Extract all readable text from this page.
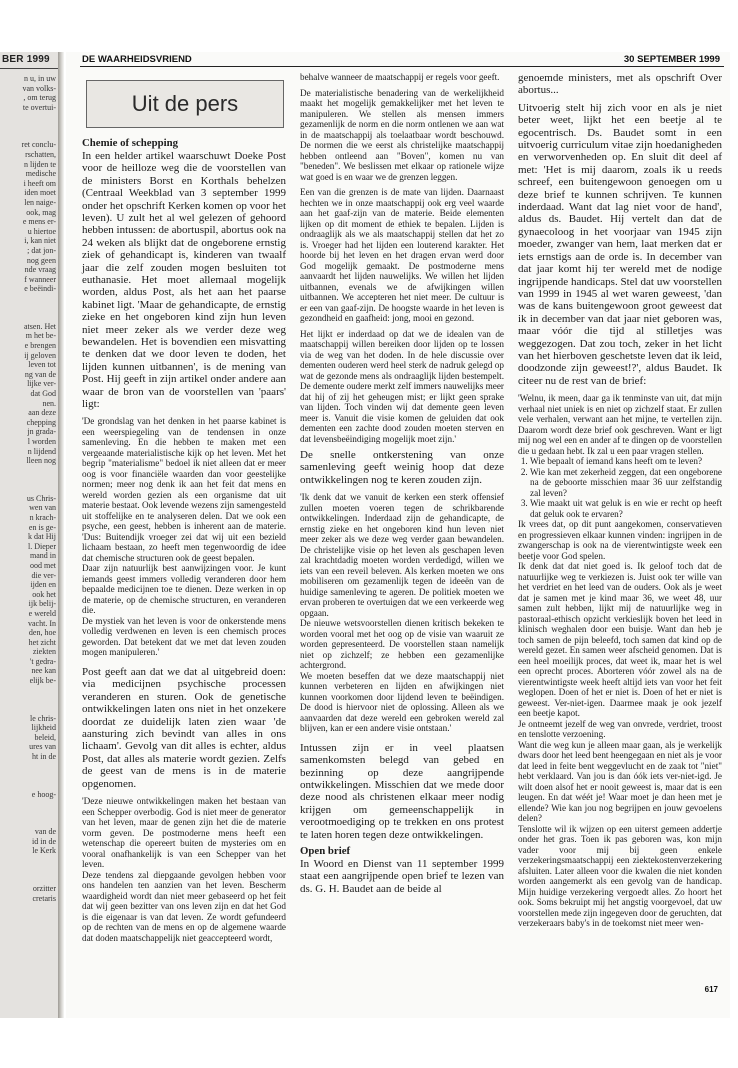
BER 1999
n u, in uw
van volks-
, om terug
te overtui-
ret conclu-
rschatten,
n lijden te
medische
i heeft om
iden moet
len naige-
ook, mag
e mens er-
u hiertoe
i, kan niet
; dat jon-
nog geen
nde vraag
f wanneer
e beëindi-
atsen. Het
m het be-
e brengen
ij geloven
leven tot
ng van de
lijke ver-
dat God
nen.
aan deze
chepping
jn grada-
l worden
n lijdend
lleen nog
us Chris-
wen van
n krach-
en is ge-
k dat Hij
l. Dieper
mand in
ood met
die ver-
ijden en
ook het
ijk belij-
e wereld
vacht. In
den, hoe
het zicht
ziekten
't gedra-
nee kan
elijk be-
le chris-
lijkheid
beleid,
ures van
ht in de
e hoog-
van de
id in de
le Kerk
orzitter
cretaris
DE WAARHEIDSVRIEND	30 SEPTEMBER 1999
Uit de pers
Chemie of schepping

In een helder artikel waarschuwt Doeke Post voor de heilloze weg die de voorstellen van de ministers Borst en Korthals behelzen (Centraal Weekblad van 3 september 1999 onder het opschrift Kerken komen op voor het leven). U zult het al wel gelezen of gehoord hebben intussen: de abortuspil, abortus ook na 24 weken als blijkt dat de ongeborene ernstig ziek of gehandicapt is, kinderen van twaalf jaar die zelf zouden mogen besluiten tot euthanasie. Het moet allemaal mogelijk worden, aldus Post, als het aan het paarse kabinet ligt. 'Maar de gehandicapte, de ernstig zieke en het ongeboren kind zijn hun leven niet meer zeker als we verder deze weg bewandelen. Het is bovendien een misvatting te denken dat we door leven te doden, het lijden kunnen uitbannen', is de mening van Post. Hij geeft in zijn artikel onder andere aan waar de bron van de voorstellen van 'paars' ligt:

'De grondslag van het denken in het paarse kabinet is een weerspiegeling van de tendensen in onze samenleving. En die hebben te maken met een vergeaande materialistische kijk op het leven. Met het begrip "materialisme" bedoel ik niet alleen dat er meer oog is voor financiële waarden dan voor geestelijke normen; meer nog denk ik aan het feit dat mens en wereld worden gezien als een organisme dat uit materie bestaat. Ook levende wezens zijn samengesteld uit stoffelijke en te analyseren delen. Dat we ook een psyche, een geest, hebben is inherent aan de materie. 'Dus: Buitendijk vroeger zei dat wij uit een bezield lichaam bestaan, zo heeft men tegenwoordig de idee dat chemische structuren ook de geest bepalen.

Daar zijn natuurlijk best aanwijzingen voor. Je kunt iemands geest immers volledig veranderen door hem bepaalde medicijnen toe te dienen. Deze werken in op de materie, op de chemische structuren, en veranderen die.

De mystiek van het leven is voor de onkerstende mens volledig verdwenen en leven is een chemisch proces geworden. Dat betekent dat we met dat leven zouden mogen manipuleren.'

Post geeft aan dat we dat al uitgebreid doen: via medicijnen psychische processen veranderen en sturen. Ook de genetische ontwikkelingen laten ons niet in het onzekere doordat ze duidelijk laten zien waar 'de aansturing zich bevindt van alles in ons lichaam'. Gevolg van dit alles is echter, aldus Post, dat alles als materie wordt gezien. Zelfs de geest van de mens is in de materie opgenomen.

'Deze nieuwe ontwikkelingen maken het bestaan van een Schepper overbodig. God is niet meer de generator van het leven, maar de genen zijn het die de materie vorm geven. De postmoderne mens heeft een wetenschap die opereert buiten de mysteries om en vooral onafhankelijk is van een Schepper van het leven.

Deze tendens zal diepgaande gevolgen hebben voor ons handelen ten aanzien van het leven. Bescherm waardigheid wordt dan niet meer gebaseerd op het feit dat wij geen bezitter van ons leven zijn en dat het God is die eigenaar is van dat leven. Ze wordt gefundeerd op de rechten van de mens en op de algemene waarde dat doden maatschappelijk niet geaccepteerd wordt,

behalve wanneer de maatschappij er regels voor geeft.

De materialistische benadering van de werkelijkheid maakt het mogelijk gemakkelijker met het leven te manipuleren. We stellen als mensen immers gezamenlijk de norm en die norm ontlenen we aan wat in de maatschappij als toelaatbaar wordt beschouwd. De normen die we eerst als christelijke maatschappij hebben ontleend aan "Boven", komen nu van "beneden". We beslissen met elkaar op rationele wijze wat goed is en waar we de grenzen leggen.

Een van die grenzen is de mate van lijden. Daarnaast hechten we in onze maatschappij ook erg veel waarde aan het gaaf-zijn van de materie. Beide elementen lijken op dit moment de ethiek te bepalen. Lijden is ondraaglijk als we als maatschappij stellen dat het zo is. Vroeger had het lijden een louterend karakter. Het hoorde bij het leven en het dragen ervan werd door God mogelijk gemaakt. De postmoderne mens aanvaardt het lijden nauwelijks. We willen het lijden uitbannen, evenals we de afwijkingen willen uitbannen. We accepteren het niet meer. De cultuur is er een van gaaf-zijn. De hoogste waarde in het leven is gezondheid en gaafheid: jong, mooi en gezond.

Het lijkt er inderdaad op dat we de idealen van de maatschappij willen bereiken door lijden op te lossen via de weg van het doden. In de hele discussie over dementen ouderen werd heel sterk de nadruk gelegd op wat de gezonde mens als ondraaglijk lijden bestempelt. De demente oudere merkt zelf immers nauwelijks meer dat hij of zij het geheugen mist; er lijkt geen sprake van lijden. Toch vinden wij dat demente geen leven meer is. Vanuit die visie komen de geluiden dat ook dementen een zachte dood zouden moeten sterven en dat levensbeëindiging mogelijk moet zijn.'

De snelle ontkerstening van onze samenleving geeft weinig hoop dat deze ontwikkelingen nog te keren zouden zijn.

'Ik denk dat we vanuit de kerken een sterk offensief zullen moeten voeren tegen de schrikbarende ontwikkelingen. Inderdaad zijn de gehandicapte, de ernstig zieke en het ongeboren kind hun leven niet meer zeker als we deze weg verder gaan bewandelen. De christelijke visie op het leven als geschapen leven zal krachtdadig moeten worden verdedigd, willen we iets van een reveil beleven. Als kerken moeten we ons mobiliseren om gezamenlijk tegen de ideeën van de huidige samenleving te ageren. De politiek moeten we ervan proberen te overtuigen dat we een verkeerde weg opgaan.

De nieuwe wetsvoorstellen dienen kritisch bekeken te worden vooral met het oog op de visie van waaruit ze worden gepresenteerd. De voorstellen staan namelijk niet op zichzelf; ze hebben een gezamenlijke achtergrond.

We moeten beseffen dat we deze maatschappij niet kunnen verbeteren en lijden en afwijkingen niet kunnen voorkomen door lijdend leven te beëindigen. De dood is hiervoor niet de oplossing. Alleen als we aanvaarden dat deze wereld een gebroken wereld zal blijven, kan er een andere visie ontstaan.'

Intussen zijn er in veel plaatsen samenkomsten belegd van gebed en bezinning op deze aangrijpende ontwikkelingen. Misschien dat we mede door deze nood als christenen elkaar meer nodig krijgen om gemeenschappelijk in verootmoediging op te trekken en ons protest te laten horen tegen deze ontwikkelingen.

Open brief

In Woord en Dienst van 11 september 1999 staat een aangrijpende open brief te lezen van ds. G. H. Baudet aan de beide al

genoemde ministers, met als opschrift Over abortus...

Uitvoerig stelt hij zich voor en als je niet beter weet, lijkt het een beetje al te egocentrisch. Ds. Baudet somt in een uitvoerig curriculum vitae zijn hoedanigheden en verworvenheden op. En sluit dit deel af met: 'Het is mij daarom, zoals ik u reeds schreef, een buitengewoon genoegen om u deze brief te kunnen schrijven. Te kunnen inderdaad. Want dat lag niet voor de hand', aldus ds. Baudet. Hij vertelt dan dat de gynaecoloog in het voorjaar van 1945 zijn moeder, zwanger van hem, laat merken dat er iets ernstigs aan de orde is. In december van dat jaar komt hij ter wereld met de nodige ingrijpende handicaps. Stel dat uw voorstellen van 1999 in 1945 al wet waren geweest, 'dan was de kans buitengewoon groot geweest dat ik in december van dat jaar niet geboren was, maar vóór die tijd al stilletjes was weggezogen. Dat zou toch, zeker in het licht van het hierboven geschetste leven dat ik leid, doodzonde zijn geweest!?', aldus Baudet. Ik citeer nu de rest van de brief:

'Welnu, ik meen, daar ga ik tenminste van uit, dat mijn verhaal niet uniek is en niet op zichzelf staat. Er zullen vele verhalen, verwant aan het mijne, te vertellen zijn. Daarom wordt deze brief ook geschreven. Want er ligt mij nog wel een en ander af te dingen op de voorstellen die u gedaan hebt. Ik zal u een paar vragen stellen.

1. Wie bepaalt of iemand kans heeft om te leven?
2. Wie kan met zekerheid zeggen, dat een ongeborene na de geboorte misschien maar 36 uur zelfstandig zal leven?
3. Wie maakt uit wat geluk is en wie er recht op heeft dat geluk ook te ervaren?

Ik vrees dat, op dit punt aangekomen, conservatieven en progressieven elkaar kunnen vinden: ingrijpen in de zwangerschap is ook na de vierentwintigste week een beetje voor God spelen.

Ik denk dat dat niet goed is. Ik geloof toch dat de natuurlijke weg te verkiezen is. Juist ook ter wille van het verdriet en het leed van de ouders. Ook als je weet dat je samen met je kind maar 36, we weet 48, uur samen zult hebben, lijkt mij de natuurlijke weg in pastoraal-ethisch opzicht verkieslijk boven het leed in klinisch weghalen door een buisje. Want dan heb je toch samen de pijn beleefd, toch samen dat kind op de wereld gezet. En samen weer afscheid genomen. Dat is een heel moeilijk proces, dat weet ik, maar het is wel een oprecht proces. Aborteren vóór zowel als na de vierentwintigste week heeft altijd iets van voor het feit weglopen. Doen of het er niet is. Doen of het er niet is geweest. Ver-niet-igen. Daarmee maak je ook jezelf een beetje kapot.

Je ontneemt jezelf de weg van onvrede, verdriet, troost en tenslotte verzoening.

Want die weg kun je alleen maar gaan, als je werkelijk dwars door het leed bent heengegaan en niet als je voor dat leed in feite bent weggevlucht en de zaak tot "niet" hebt verklaard. Van jou is dan óók iets ver-niet-igd. Je wilt doen alsof het er nooit geweest is, maar dat is een leugen. En dat wéét je! Waar moet je dan heen met je ellende? Wie kan jou nog begrijpen en jouw gevoelens delen?

Tenslotte wil ik wijzen op een uiterst gemeen addertje onder het gras. Toen ik pas geboren was, kon mijn vader voor mij bij geen enkele verzekeringsmaatschappij een ziektekostenverzekering afsluiten. Later alleen voor die kwalen die niet konden worden aangemerkt als een gevolg van de handicap. Mijn huidige verzekering vergoedt alles. Zo hoort het ook. Soms bekruipt mij het angstig voorgevoel, dat uw voorstellen mede zijn ingegeven door de geruchten, dat verzekeraars baby's in de toekomst niet meer wen-

617
